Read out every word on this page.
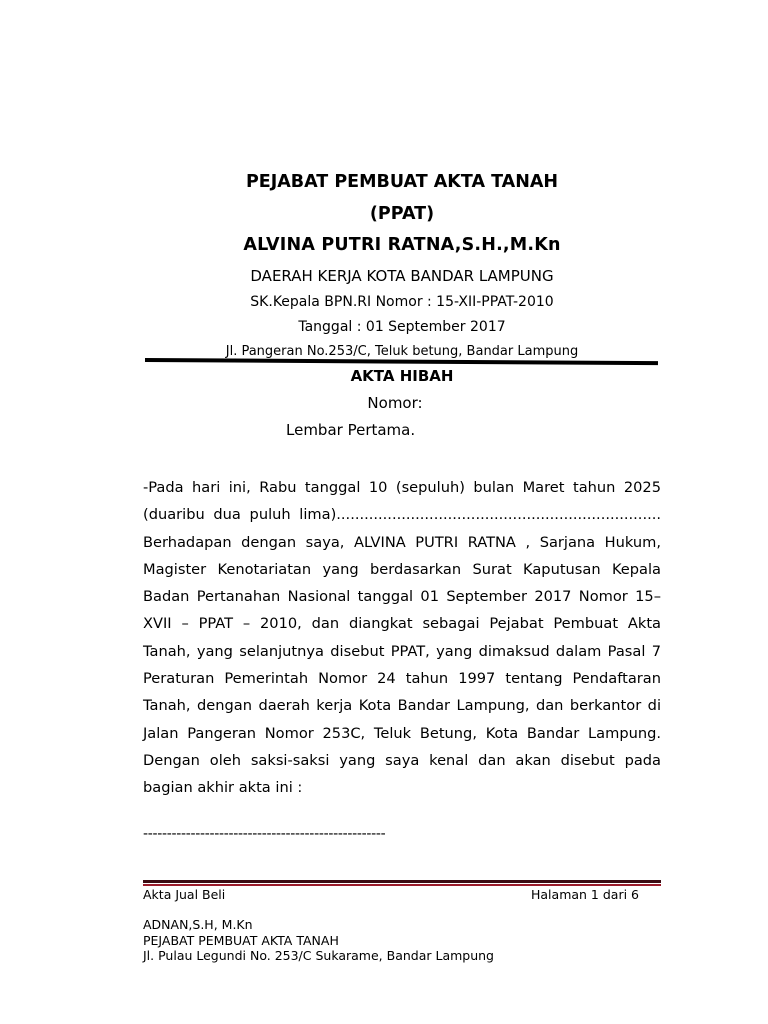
PEJABAT PEMBUAT AKTA TANAH
(PPAT)
ALVINA PUTRI RATNA,S.H.,M.Kn
DAERAH KERJA KOTA BANDAR LAMPUNG
SK.Kepala BPN.RI Nomor : 15-XII-PPAT-2010
Tanggal : 01 September 2017
Jl. Pangeran No.253/C, Teluk betung, Bandar Lampung
AKTA HIBAH
Nomor:
Lembar Pertama.

-Pada hari ini, Rabu tanggal 10 (sepuluh) bulan Maret tahun 2025 (duaribu dua puluh lima)...................................................................... Berhadapan dengan saya, ALVINA PUTRI RATNA , Sarjana Hukum, Magister Kenotariatan yang berdasarkan Surat Kaputusan Kepala Badan Pertanahan Nasional tanggal 01 September 2017 Nomor 15– XVII – PPAT – 2010, dan diangkat sebagai Pejabat Pembuat Akta Tanah, yang selanjutnya disebut PPAT, yang dimaksud dalam Pasal 7 Peraturan Pemerintah Nomor 24 tahun 1997 tentang Pendaftaran Tanah, dengan daerah kerja Kota Bandar Lampung, dan berkantor di Jalan Pangeran Nomor 253C, Teluk Betung, Kota Bandar Lampung. Dengan oleh saksi-saksi yang saya kenal dan akan disebut pada bagian akhir akta ini :

---------------------------------------------------
Akta Jual Beli	Halaman 1 dari 6
ADNAN,S.H, M.Kn
PEJABAT PEMBUAT AKTA TANAH
Jl. Pulau Legundi No. 253/C Sukarame, Bandar Lampung
